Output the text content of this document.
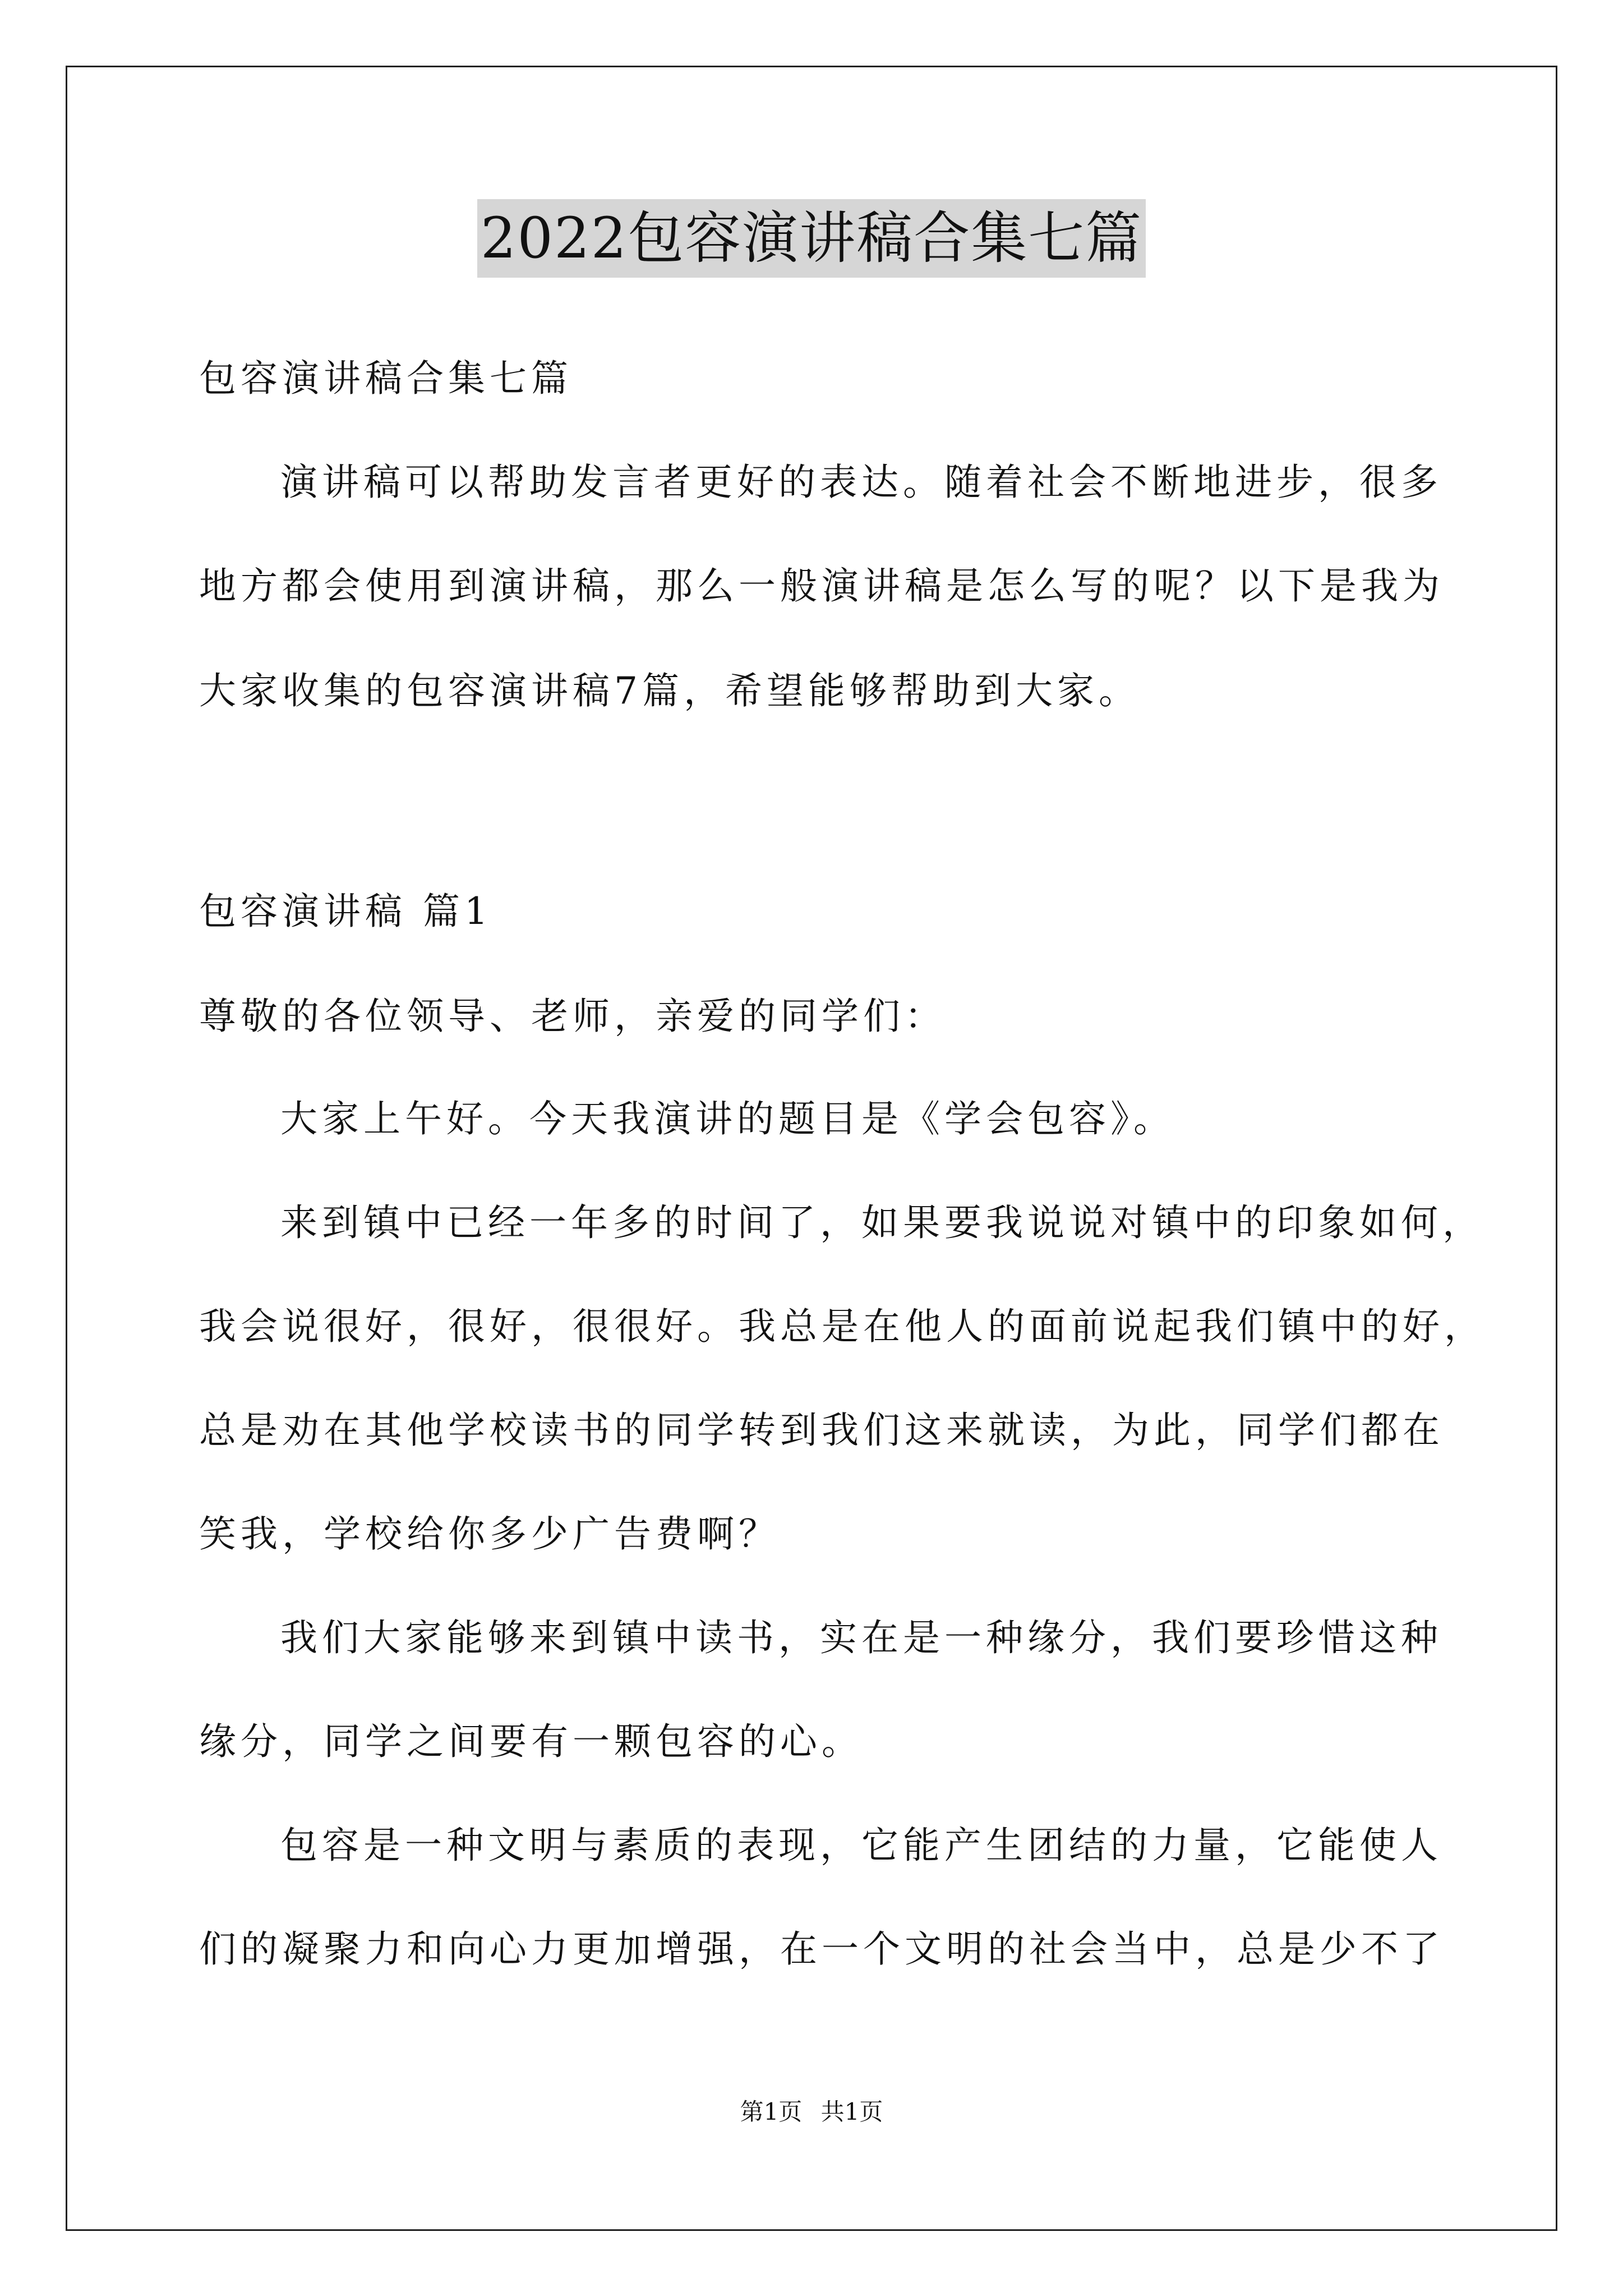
2022包容演讲稿合集七篇
包容演讲稿合集七篇
演讲稿可以帮助发言者更好的表达。随着社会不断地进步，很多
地方都会使用到演讲稿，那么一般演讲稿是怎么写的呢？以下是我为
大家收集的包容演讲稿7篇，希望能够帮助到大家。
包容演讲稿 篇1
尊敬的各位领导、老师，亲爱的同学们：
大家上午好。今天我演讲的题目是《学会包容》。
来到镇中已经一年多的时间了，如果要我说说对镇中的印象如何，
我会说很好，很好，很很好。我总是在他人的面前说起我们镇中的好，
总是劝在其他学校读书的同学转到我们这来就读，为此，同学们都在
笑我，学校给你多少广告费啊？
我们大家能够来到镇中读书，实在是一种缘分，我们要珍惜这种
缘分，同学之间要有一颗包容的心。
包容是一种文明与素质的表现，它能产生团结的力量，它能使人
们的凝聚力和向心力更加增强，在一个文明的社会当中，总是少不了
第1页 共1页
